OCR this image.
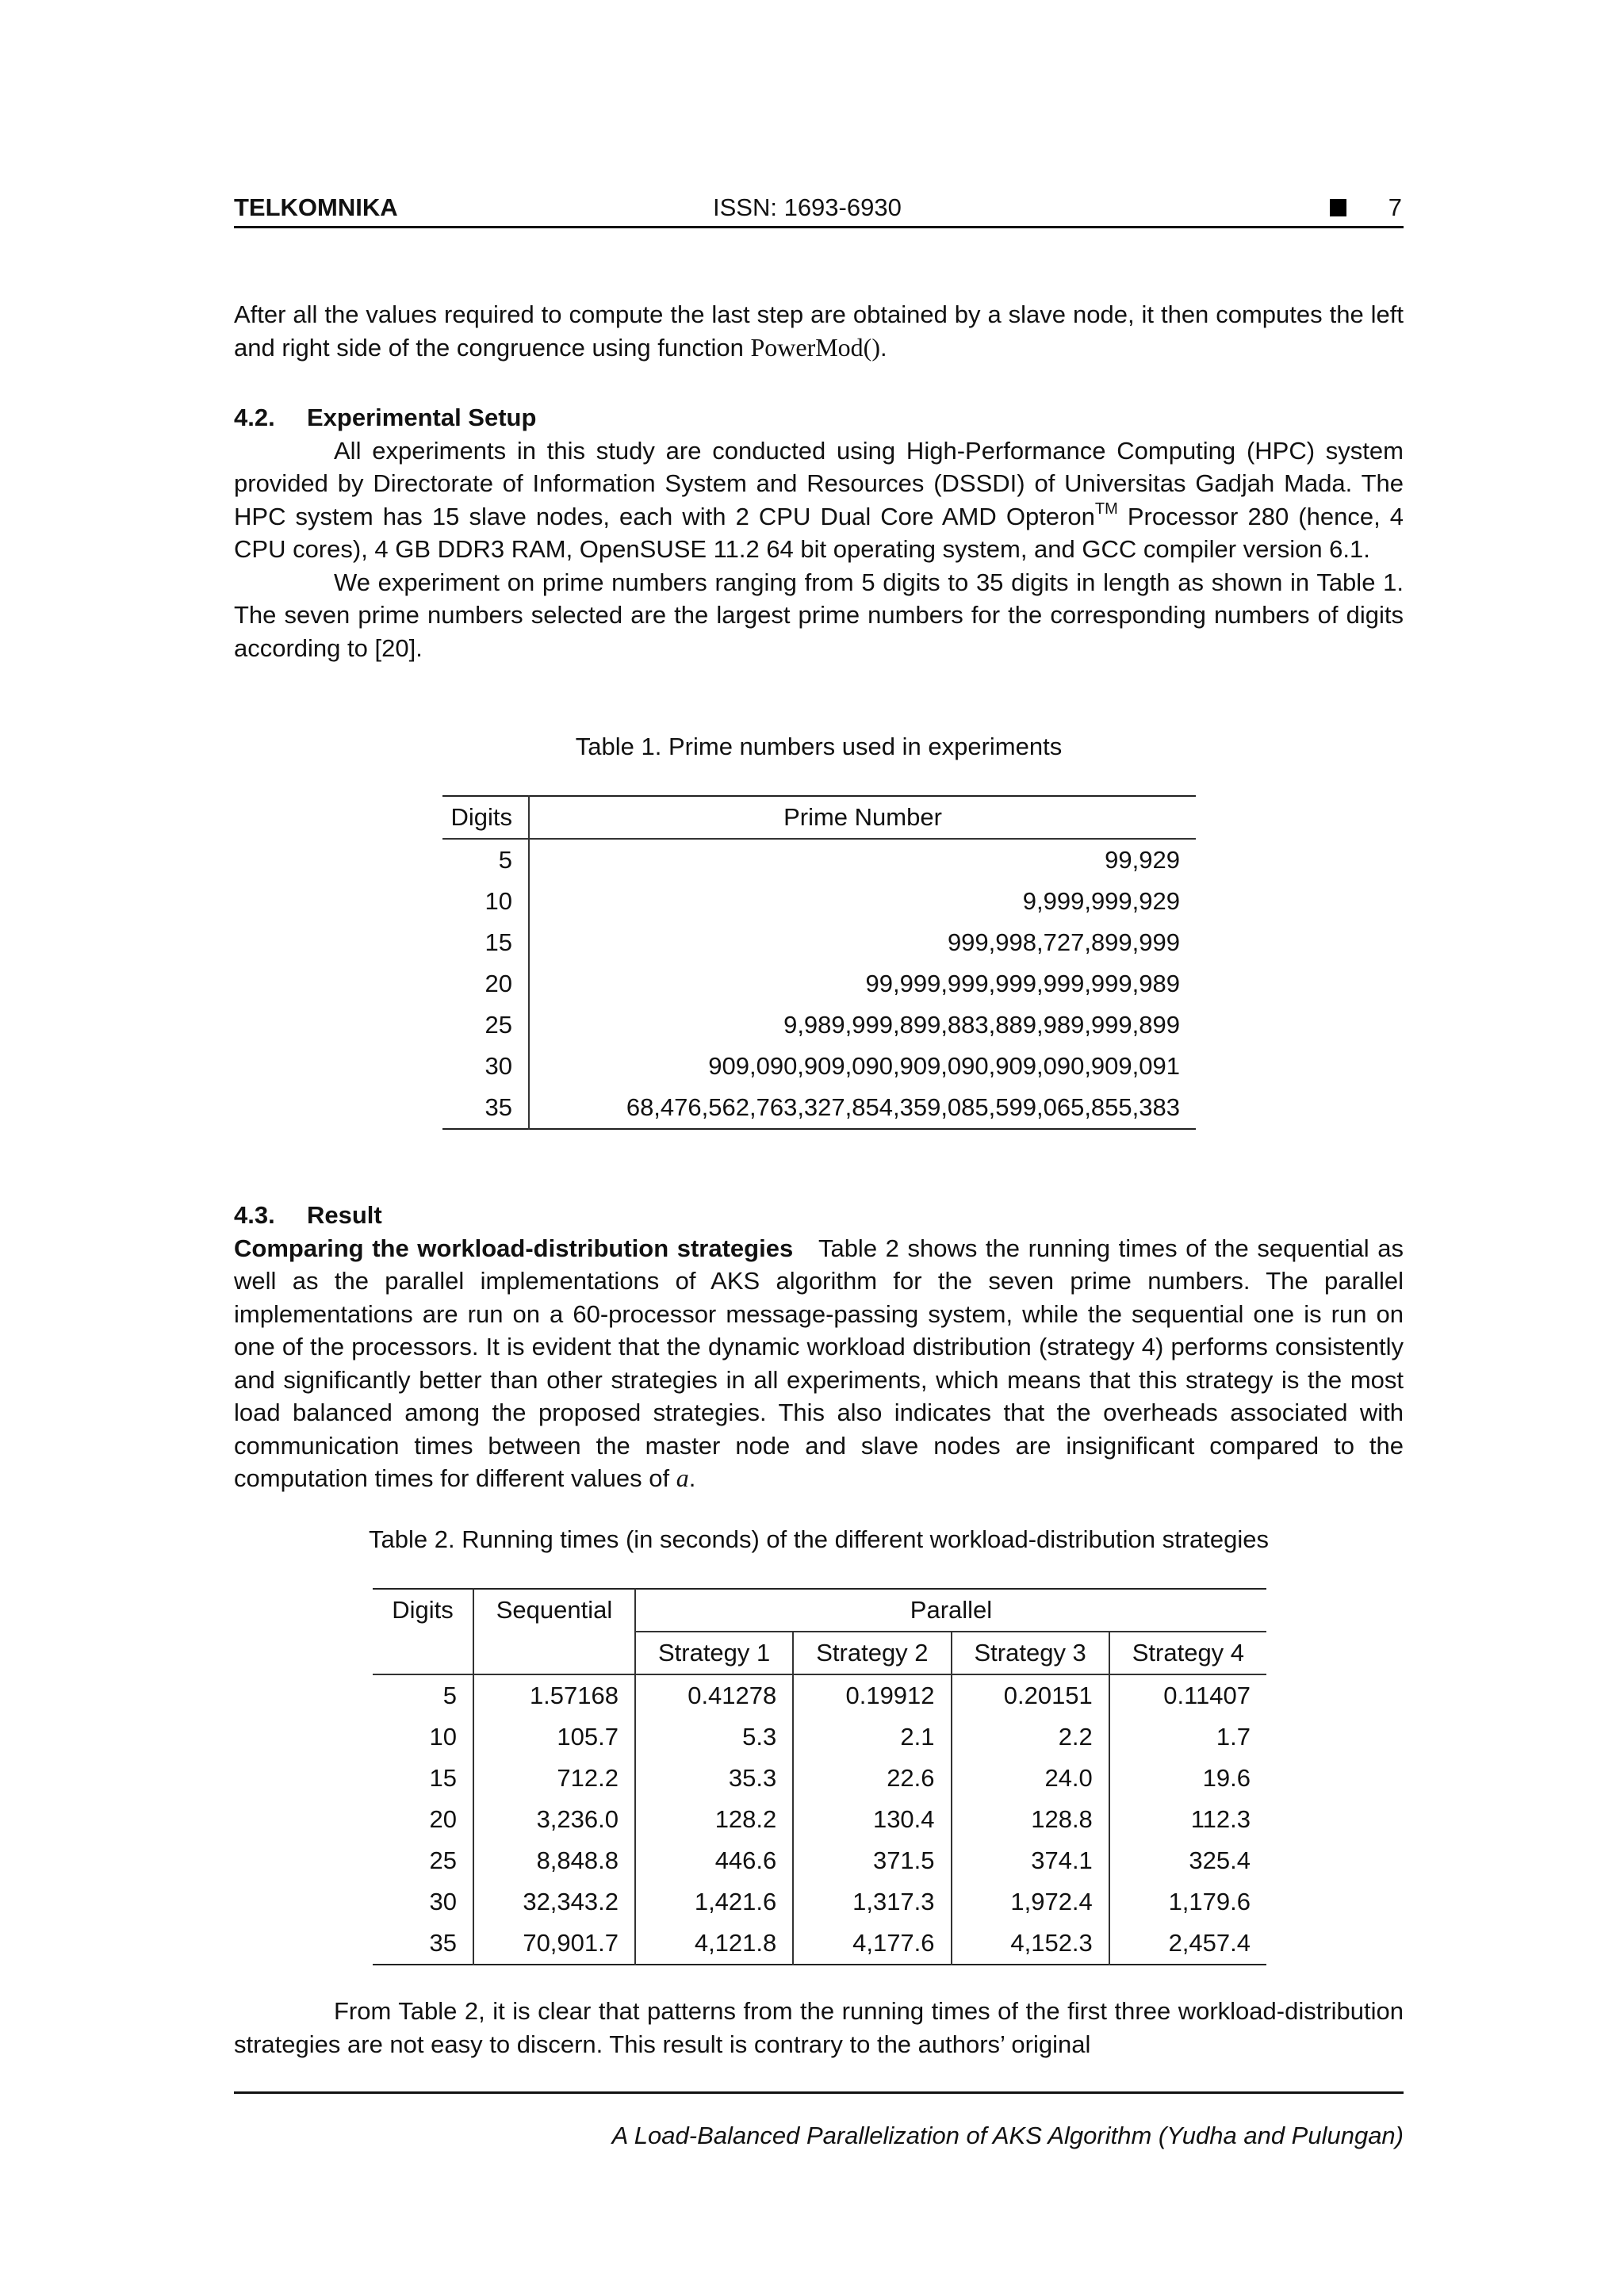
TELKOMNIKA	ISSN: 1693-6930	7

After all the values required to compute the last step are obtained by a slave node, it then computes the left and right side of the congruence using function PowerMod().

4.2. Experimental Setup

All experiments in this study are conducted using High-Performance Computing (HPC) system provided by Directorate of Information System and Resources (DSSDI) of Universitas Gadjah Mada. The HPC system has 15 slave nodes, each with 2 CPU Dual Core AMD Opteron™ Processor 280 (hence, 4 CPU cores), 4 GB DDR3 RAM, OpenSUSE 11.2 64 bit operating system, and GCC compiler version 6.1.

We experiment on prime numbers ranging from 5 digits to 35 digits in length as shown in Table 1. The seven prime numbers selected are the largest prime numbers for the corresponding numbers of digits according to [20].

Table 1. Prime numbers used in experiments
Digits	Prime Number
5	99,929
10	9,999,999,929
15	999,998,727,899,999
20	99,999,999,999,999,999,989
25	9,989,999,899,883,889,989,999,899
30	909,090,909,090,909,090,909,090,909,091
35	68,476,562,763,327,854,359,085,599,065,855,383
4.3. Result

Comparing the workload-distribution strategies Table 2 shows the running times of the sequential as well as the parallel implementations of AKS algorithm for the seven prime numbers. The parallel implementations are run on a 60-processor message-passing system, while the sequential one is run on one of the processors. It is evident that the dynamic workload distribution (strategy 4) performs consistently and significantly better than other strategies in all experiments, which means that this strategy is the most load balanced among the proposed strategies. This also indicates that the overheads associated with communication times between the master node and slave nodes are insignificant compared to the computation times for different values of a.

Table 2. Running times (in seconds) of the different workload-distribution strategies
Digits	Sequential	Parallel			
		Strategy 1	Strategy 2	Strategy 3	Strategy 4
5	1.57168	0.41278	0.19912	0.20151	0.11407
10	105.7	5.3	2.1	2.2	1.7
15	712.2	35.3	22.6	24.0	19.6
20	3,236.0	128.2	130.4	128.8	112.3
25	8,848.8	446.6	371.5	374.1	325.4
30	32,343.2	1,421.6	1,317.3	1,972.4	1,179.6
35	70,901.7	4,121.8	4,177.6	4,152.3	2,457.4

From Table 2, it is clear that patterns from the running times of the first three workload-distribution strategies are not easy to discern. This result is contrary to the authors’ original

A Load-Balanced Parallelization of AKS Algorithm (Yudha and Pulungan)
